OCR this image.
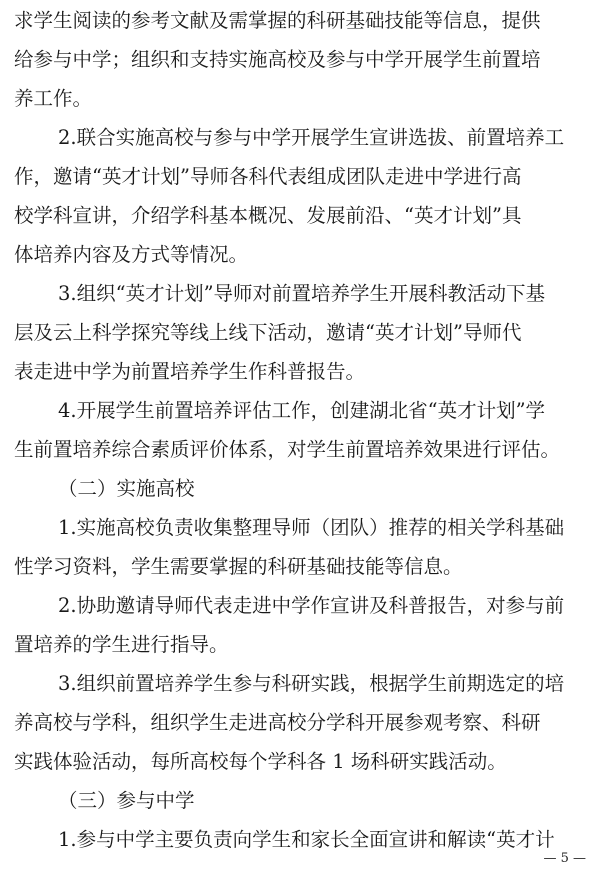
求学生阅读的参考文献及需掌握的科研基础技能等信息，提供
给参与中学；组织和支持实施高校及参与中学开展学生前置培
养工作。
2.联合实施高校与参与中学开展学生宣讲选拔、前置培养工
作，邀请“英才计划”导师各科代表组成团队走进中学进行高
校学科宣讲，介绍学科基本概况、发展前沿、“英才计划”具
体培养内容及方式等情况。
3.组织“英才计划”导师对前置培养学生开展科教活动下基
层及云上科学探究等线上线下活动，邀请“英才计划”导师代
表走进中学为前置培养学生作科普报告。
4.开展学生前置培养评估工作，创建湖北省“英才计划”学
生前置培养综合素质评价体系，对学生前置培养效果进行评估。
（二）实施高校
1.实施高校负责收集整理导师（团队）推荐的相关学科基础
性学习资料，学生需要掌握的科研基础技能等信息。
2.协助邀请导师代表走进中学作宣讲及科普报告，对参与前
置培养的学生进行指导。
3.组织前置培养学生参与科研实践，根据学生前期选定的培
养高校与学科，组织学生走进高校分学科开展参观考察、科研
实践体验活动，每所高校每个学科各 1 场科研实践活动。
（三）参与中学
1.参与中学主要负责向学生和家长全面宣讲和解读“英才计
— 5 —
